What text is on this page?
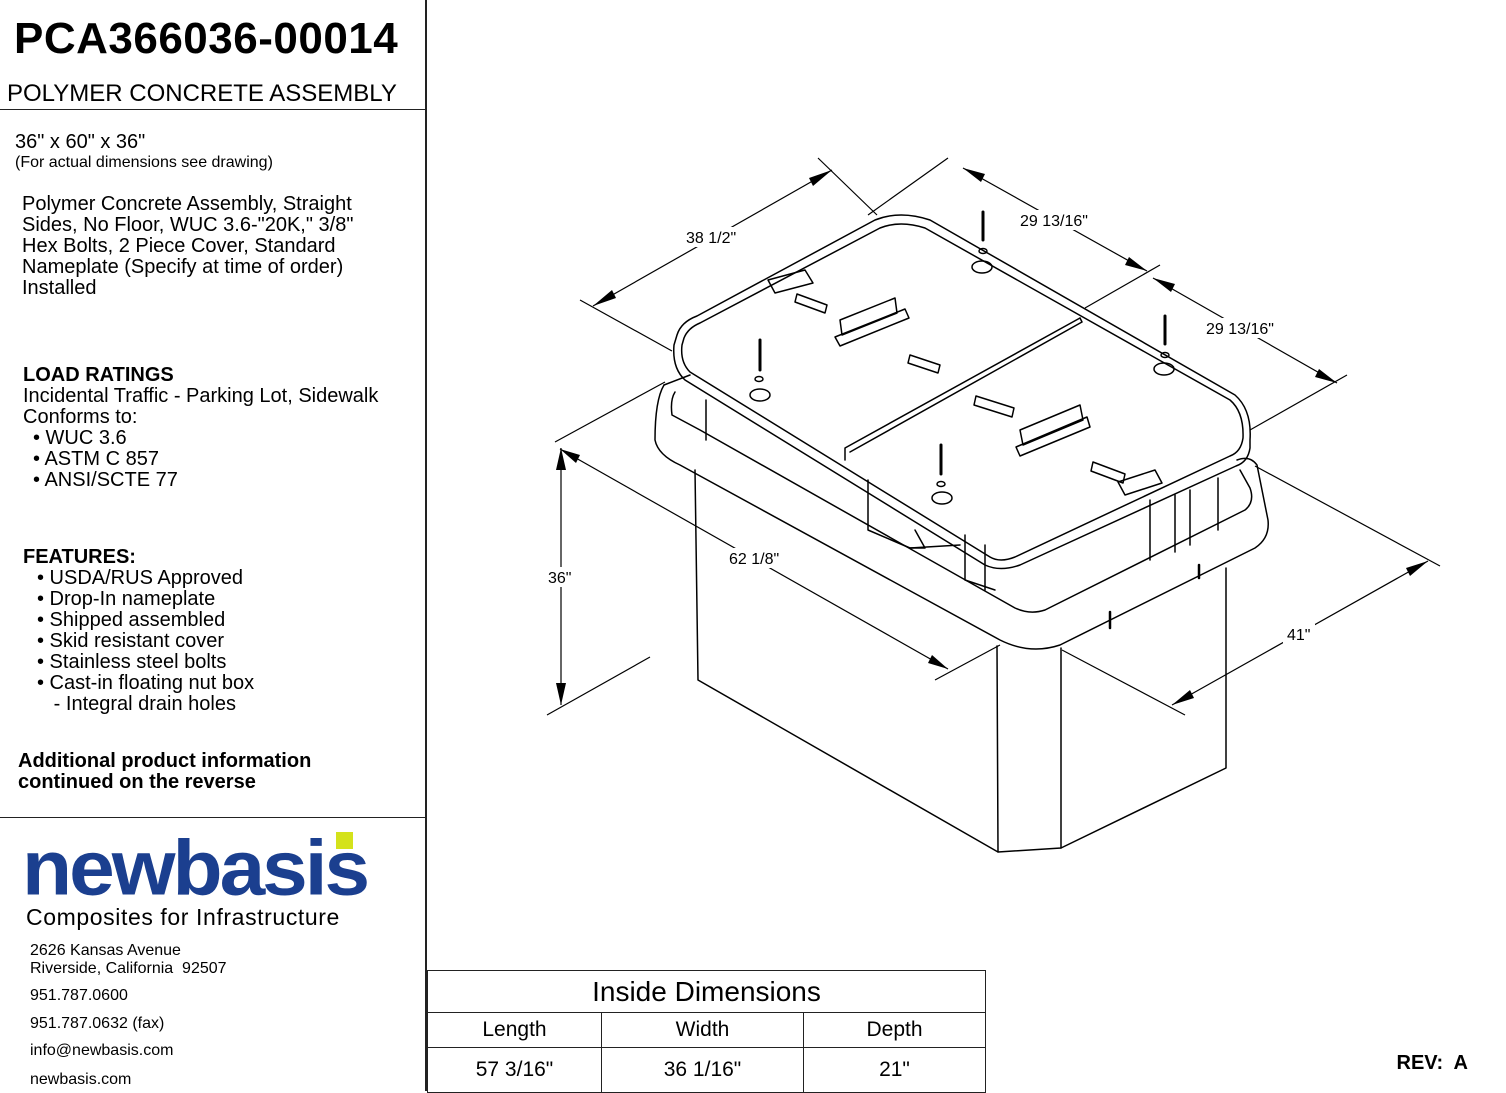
PCA366036-00014
POLYMER CONCRETE ASSEMBLY
36" x 60" x 36"
(For actual dimensions see drawing)
Polymer Concrete Assembly, Straight
Sides, No Floor, WUC 3.6-"20K," 3/8"
Hex Bolts, 2 Piece Cover, Standard
Nameplate (Specify at time of order)
Installed
LOAD RATINGS
Incidental Traffic - Parking Lot, Sidewalk
Conforms to:
• WUC 3.6
• ASTM C 857
• ANSI/SCTE 77
FEATURES:
• USDA/RUS Approved
• Drop-In nameplate
• Shipped assembled
• Skid resistant cover
• Stainless steel bolts
• Cast-in floating nut box
- Integral drain holes
Additional product information
continued on the reverse
newbasis
Composites for Infrastructure
2626 Kansas Avenue
Riverside, California  92507
951.787.0600
951.787.0632 (fax)
info@newbasis.com
newbasis.com
38 1/2"
29 13/16"
29 13/16"
36"
62 1/8"
41"
Inside Dimensions		
Length	Width	Depth
57 3/16"	36 1/16"	21"	REV:  A
